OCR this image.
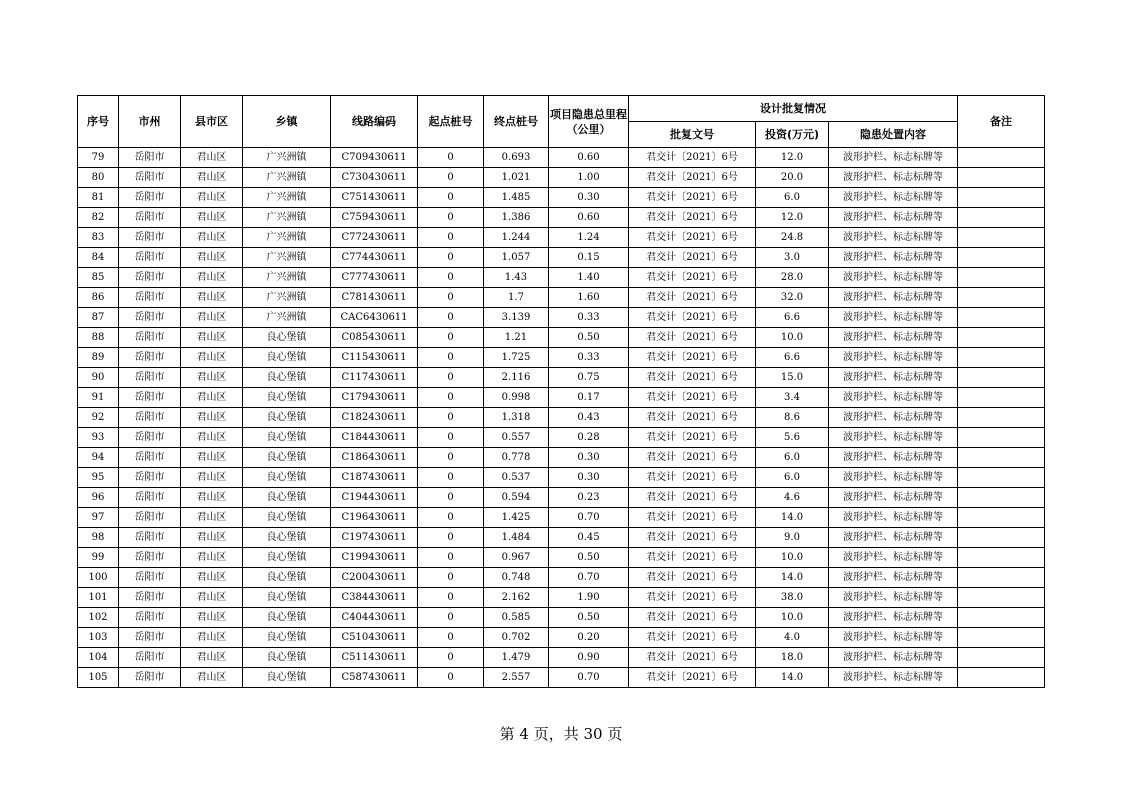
序号	市州	县市区	乡镇	线路编码	起点桩号	终点桩号	项目隐患总里程（公里）	设计批复情况			备注
								批复文号	投资(万元)	隐患处置内容	
79	岳阳市	君山区	广兴洲镇	C709430611	0	0.693	0.60	君交计〔2021〕6号	12.0	波形护栏、标志标牌等	
80	岳阳市	君山区	广兴洲镇	C730430611	0	1.021	1.00	君交计〔2021〕6号	20.0	波形护栏、标志标牌等	
81	岳阳市	君山区	广兴洲镇	C751430611	0	1.485	0.30	君交计〔2021〕6号	6.0	波形护栏、标志标牌等	
82	岳阳市	君山区	广兴洲镇	C759430611	0	1.386	0.60	君交计〔2021〕6号	12.0	波形护栏、标志标牌等	
83	岳阳市	君山区	广兴洲镇	C772430611	0	1.244	1.24	君交计〔2021〕6号	24.8	波形护栏、标志标牌等	
84	岳阳市	君山区	广兴洲镇	C774430611	0	1.057	0.15	君交计〔2021〕6号	3.0	波形护栏、标志标牌等	
85	岳阳市	君山区	广兴洲镇	C777430611	0	1.43	1.40	君交计〔2021〕6号	28.0	波形护栏、标志标牌等	
86	岳阳市	君山区	广兴洲镇	C781430611	0	1.7	1.60	君交计〔2021〕6号	32.0	波形护栏、标志标牌等	
87	岳阳市	君山区	广兴洲镇	CAC6430611	0	3.139	0.33	君交计〔2021〕6号	6.6	波形护栏、标志标牌等	
88	岳阳市	君山区	良心堡镇	C085430611	0	1.21	0.50	君交计〔2021〕6号	10.0	波形护栏、标志标牌等	
89	岳阳市	君山区	良心堡镇	C115430611	0	1.725	0.33	君交计〔2021〕6号	6.6	波形护栏、标志标牌等	
90	岳阳市	君山区	良心堡镇	C117430611	0	2.116	0.75	君交计〔2021〕6号	15.0	波形护栏、标志标牌等	
91	岳阳市	君山区	良心堡镇	C179430611	0	0.998	0.17	君交计〔2021〕6号	3.4	波形护栏、标志标牌等	
92	岳阳市	君山区	良心堡镇	C182430611	0	1.318	0.43	君交计〔2021〕6号	8.6	波形护栏、标志标牌等	
93	岳阳市	君山区	良心堡镇	C184430611	0	0.557	0.28	君交计〔2021〕6号	5.6	波形护栏、标志标牌等	
94	岳阳市	君山区	良心堡镇	C186430611	0	0.778	0.30	君交计〔2021〕6号	6.0	波形护栏、标志标牌等	
95	岳阳市	君山区	良心堡镇	C187430611	0	0.537	0.30	君交计〔2021〕6号	6.0	波形护栏、标志标牌等	
96	岳阳市	君山区	良心堡镇	C194430611	0	0.594	0.23	君交计〔2021〕6号	4.6	波形护栏、标志标牌等	
97	岳阳市	君山区	良心堡镇	C196430611	0	1.425	0.70	君交计〔2021〕6号	14.0	波形护栏、标志标牌等	
98	岳阳市	君山区	良心堡镇	C197430611	0	1.484	0.45	君交计〔2021〕6号	9.0	波形护栏、标志标牌等	
99	岳阳市	君山区	良心堡镇	C199430611	0	0.967	0.50	君交计〔2021〕6号	10.0	波形护栏、标志标牌等	
100	岳阳市	君山区	良心堡镇	C200430611	0	0.748	0.70	君交计〔2021〕6号	14.0	波形护栏、标志标牌等	
101	岳阳市	君山区	良心堡镇	C384430611	0	2.162	1.90	君交计〔2021〕6号	38.0	波形护栏、标志标牌等	
102	岳阳市	君山区	良心堡镇	C404430611	0	0.585	0.50	君交计〔2021〕6号	10.0	波形护栏、标志标牌等	
103	岳阳市	君山区	良心堡镇	C510430611	0	0.702	0.20	君交计〔2021〕6号	4.0	波形护栏、标志标牌等	
104	岳阳市	君山区	良心堡镇	C511430611	0	1.479	0.90	君交计〔2021〕6号	18.0	波形护栏、标志标牌等	
105	岳阳市	君山区	良心堡镇	C587430611	0	2.557	0.70	君交计〔2021〕6号	14.0	波形护栏、标志标牌等	
第 4 页，共 30 页
